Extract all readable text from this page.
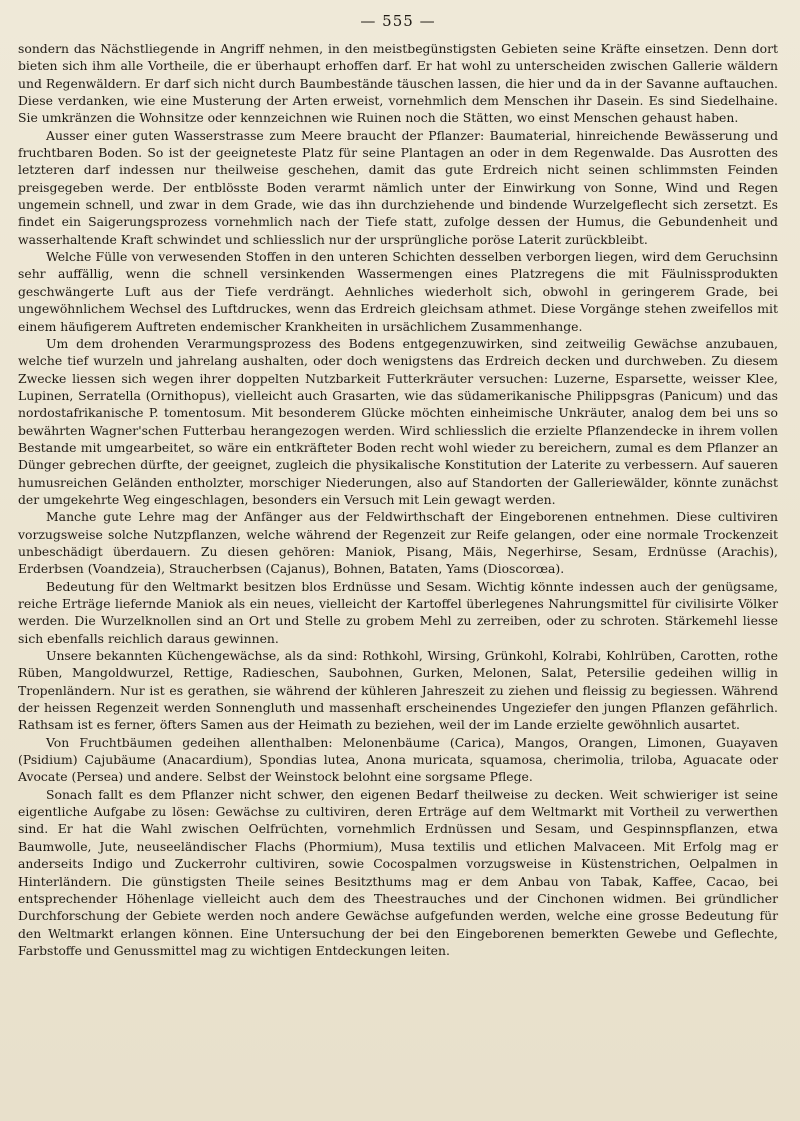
— 555 —

sondern das Nächstliegende in Angriff nehmen, in den meistbegünstigsten Gebieten seine Kräfte einsetzen. Denn dort bieten sich ihm alle Vortheile, die er überhaupt erhoffen darf. Er hat wohl zu unterscheiden zwischen Gallerie wäldern und Regenwäldern. Er darf sich nicht durch Baumbestände täuschen lassen, die hier und da in der Savanne auftauchen. Diese verdanken, wie eine Musterung der Arten erweist, vornehmlich dem Menschen ihr Dasein. Es sind Siedelhaine. Sie umkränzen die Wohnsitze oder kennzeichnen wie Ruinen noch die Stätten, wo einst Menschen gehaust haben.

Ausser einer guten Wasserstrasse zum Meere braucht der Pflanzer: Baumaterial, hinreichende Bewässerung und fruchtbaren Boden. So ist der geeigneteste Platz für seine Plantagen an oder in dem Regenwalde. Das Ausrotten des letzteren darf indessen nur theilweise geschehen, damit das gute Erdreich nicht seinen schlimmsten Feinden preisgegeben werde. Der entblösste Boden verarmt nämlich unter der Einwirkung von Sonne, Wind und Regen ungemein schnell, und zwar in dem Grade, wie das ihn durchziehende und bindende Wurzelgeflecht sich zersetzt. Es findet ein Saigerungsprozess vornehmlich nach der Tiefe statt, zufolge dessen der Humus, die Gebundenheit und wasserhaltende Kraft schwindet und schliesslich nur der ursprüngliche poröse Laterit zurückbleibt.

Welche Fülle von verwesenden Stoffen in den unteren Schichten desselben verborgen liegen, wird dem Geruchsinn sehr auffällig, wenn die schnell versinkenden Wassermengen eines Platzregens die mit Fäulnissprodukten geschwängerte Luft aus der Tiefe verdrängt. Aehnliches wiederholt sich, obwohl in geringerem Grade, bei ungewöhnlichem Wechsel des Luftdruckes, wenn das Erdreich gleichsam athmet. Diese Vorgänge stehen zweifellos mit einem häufigerem Auftreten endemischer Krankheiten in ursächlichem Zusammenhange.

Um dem drohenden Verarmungsprozess des Bodens entgegenzuwirken, sind zeitweilig Gewächse anzubauen, welche tief wurzeln und jahrelang aushalten, oder doch wenigstens das Erdreich decken und durchweben. Zu diesem Zwecke liessen sich wegen ihrer doppelten Nutzbarkeit Futterkräuter versuchen: Luzerne, Esparsette, weisser Klee, Lupinen, Serratella (Ornithopus), vielleicht auch Grasarten, wie das südamerikanische Philippsgras (Panicum) und das nordostafrikanische P. tomentosum. Mit besonderem Glücke möchten einheimische Unkräuter, analog dem bei uns so bewährten Wagner'schen Futterbau herangezogen werden. Wird schliesslich die erzielte Pflanzendecke in ihrem vollen Bestande mit umgearbeitet, so wäre ein entkräfteter Boden recht wohl wieder zu bereichern, zumal es dem Pflanzer an Dünger gebrechen dürfte, der geeignet, zugleich die physikalische Konstitution der Laterite zu verbessern. Auf saueren humusreichen Geländen entholzter, morschiger Niederungen, also auf Standorten der Galleriewälder, könnte zunächst der umgekehrte Weg eingeschlagen, besonders ein Versuch mit Lein gewagt werden.

Manche gute Lehre mag der Anfänger aus der Feldwirthschaft der Eingeborenen entnehmen. Diese cultiviren vorzugsweise solche Nutzpflanzen, welche während der Regenzeit zur Reife gelangen, oder eine normale Trockenzeit unbeschädigt überdauern. Zu diesen gehören: Maniok, Pisang, Mäis, Negerhirse, Sesam, Erdnüsse (Arachis), Erderbsen (Voandzeia), Straucherbsen (Cajanus), Bohnen, Bataten, Yams (Dioscorœa).

Bedeutung für den Weltmarkt besitzen blos Erdnüsse und Sesam. Wichtig könnte indessen auch der genügsame, reiche Erträge liefernde Maniok als ein neues, vielleicht der Kartoffel überlegenes Nahrungsmittel für civilisirte Völker werden. Die Wurzelknollen sind an Ort und Stelle zu grobem Mehl zu zerreiben, oder zu schroten. Stärkemehl liesse sich ebenfalls reichlich daraus gewinnen.

Unsere bekannten Küchengewächse, als da sind: Rothkohl, Wirsing, Grünkohl, Kolrabi, Kohlrüben, Carotten, rothe Rüben, Mangoldwurzel, Rettige, Radieschen, Saubohnen, Gurken, Melonen, Salat, Petersilie gedeihen willig in Tropenländern. Nur ist es gerathen, sie während der kühleren Jahreszeit zu ziehen und fleissig zu begiessen. Während der heissen Regenzeit werden Sonnengluth und massenhaft erscheinendes Ungeziefer den jungen Pflanzen gefährlich. Rathsam ist es ferner, öfters Samen aus der Heimath zu beziehen, weil der im Lande erzielte gewöhnlich ausartet.

Von Fruchtbäumen gedeihen allenthalben: Melonenbäume (Carica), Mangos, Orangen, Limonen, Guayaven (Psidium) Cajubäume (Anacardium), Spondias lutea, Anona muricata, squamosa, cherimolia, triloba, Aguacate oder Avocate (Persea) und andere. Selbst der Weinstock belohnt eine sorgsame Pflege.

Sonach fallt es dem Pflanzer nicht schwer, den eigenen Bedarf theilweise zu decken. Weit schwieriger ist seine eigentliche Aufgabe zu lösen: Gewächse zu cultiviren, deren Erträge auf dem Weltmarkt mit Vortheil zu verwerthen sind. Er hat die Wahl zwischen Oelfrüchten, vornehmlich Erdnüssen und Sesam, und Gespinnspflanzen, etwa Baumwolle, Jute, neuseeländischer Flachs (Phormium), Musa textilis und etlichen Malvaceen. Mit Erfolg mag er anderseits Indigo und Zuckerrohr cultiviren, sowie Cocospalmen vorzugsweise in Küstenstrichen, Oelpalmen in Hinterländern. Die günstigsten Theile seines Besitzthums mag er dem Anbau von Tabak, Kaffee, Cacao, bei entsprechender Höhenlage vielleicht auch dem des Theestrauches und der Cinchonen widmen. Bei gründlicher Durchforschung der Gebiete werden noch andere Gewächse aufgefunden werden, welche eine grosse Bedeutung für den Weltmarkt erlangen können. Eine Untersuchung der bei den Eingeborenen bemerkten Gewebe und Geflechte, Farbstoffe und Genussmittel mag zu wichtigen Entdeckungen leiten.
